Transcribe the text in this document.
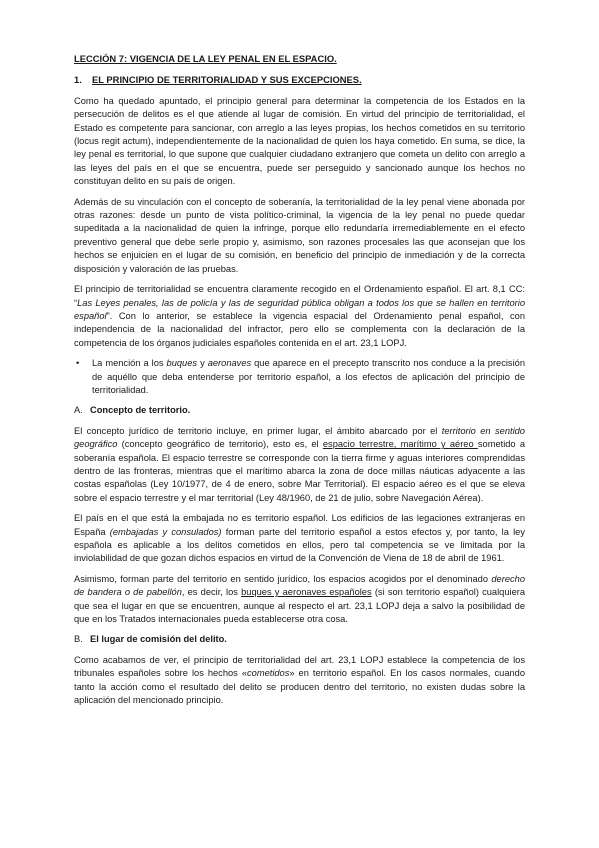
LECCIÓN 7: VIGENCIA DE LA LEY PENAL EN EL ESPACIO.
1.	EL PRINCIPIO DE TERRITORIALIDAD Y SUS EXCEPCIONES.

Como ha quedado apuntado, el principio general para determinar la competencia de los Estados en la persecución de delitos es el que atiende al lugar de comisión. En virtud del principio de territorialidad, el Estado es competente para sancionar, con arreglo a las leyes propias, los hechos cometidos en su territorio (locus regit actum), independientemente de la nacionalidad de quien los haya cometido. En suma, se dice, la ley penal es territorial, lo que supone que cualquier ciudadano extranjero que cometa un delito con arreglo a las leyes del país en el que se encuentra, puede ser perseguido y sancionado aunque los hechos no constituyan delito en su país de origen.

Además de su vinculación con el concepto de soberanía, la territorialidad de la ley penal viene abonada por otras razones: desde un punto de vista político-criminal, la vigencia de la ley penal no puede quedar supeditada a la nacionalidad de quien la infringe, porque ello redundaría irremediablemente en el efecto preventivo general que debe serle propio y, asimismo, son razones procesales las que aconsejan que los hechos se enjuicien en el lugar de su comisión, en beneficio del principio de inmediación y de la correcta disposición y valoración de las pruebas.

El principio de territorialidad se encuentra claramente recogido en el Ordenamiento español. El art. 8,1 CC: “Las Leyes penales, las de policía y las de seguridad pública obligan a todos los que se hallen en territorio español”. Con lo anterior, se establece la vigencia espacial del Ordenamiento penal español, con independencia de la nacionalidad del infractor, pero ello se complementa con la declaración de la competencia de los órganos judiciales españoles contenida en el art. 23,1 LOPJ.

•	La mención a los buques y aeronaves que aparece en el precepto transcrito nos conduce a la precisión de aquéllo que deba entenderse por territorio español, a los efectos de aplicación del principio de territorialidad.
A. Concepto de territorio.

El concepto jurídico de territorio incluye, en primer lugar, el ámbito abarcado por el territorio en sentido geográfico (concepto geográfico de territorio), esto es, el espacio terrestre, marítimo y aéreo sometido a soberanía española. El espacio terrestre se corresponde con la tierra firme y aguas interiores comprendidas dentro de las fronteras, mientras que el marítimo abarca la zona de doce millas náuticas adyacente a las costas españolas (Ley 10/1977, de 4 de enero, sobre Mar Territorial). El espacio aéreo es el que se eleva sobre el espacio terrestre y el mar territorial (Ley 48/1960, de 21 de julio, sobre Navegación Aérea).

El país en el que está la embajada no es territorio español. Los edificios de las legaciones extranjeras en España (embajadas y consulados) forman parte del territorio español a estos efectos y, por tanto, la ley española es aplicable a los delitos cometidos en ellos, pero tal competencia se ve limitada por la inviolabilidad de que gozan dichos espacios en virtud de la Convención de Viena de 18 de abril de 1961.

Asimismo, forman parte del territorio en sentido jurídico, los espacios acogidos por el denominado derecho de bandera o de pabellón, es decir, los buques y aeronaves españoles (si son territorio español) cualquiera que sea el lugar en que se encuentren, aunque al respecto el art. 23,1 LOPJ deja a salvo la posibilidad de que en los Tratados internacionales pueda establecerse otra cosa.

B. El lugar de comisión del delito.

Como acabamos de ver, el principio de territorialidad del art. 23,1 LOPJ establece la competencia de los tribunales españoles sobre los hechos «cometidos» en territorio español. En los casos normales, cuando tanto la acción como el resultado del delito se producen dentro del territorio, no existen dudas sobre la aplicación del mencionado principio.
